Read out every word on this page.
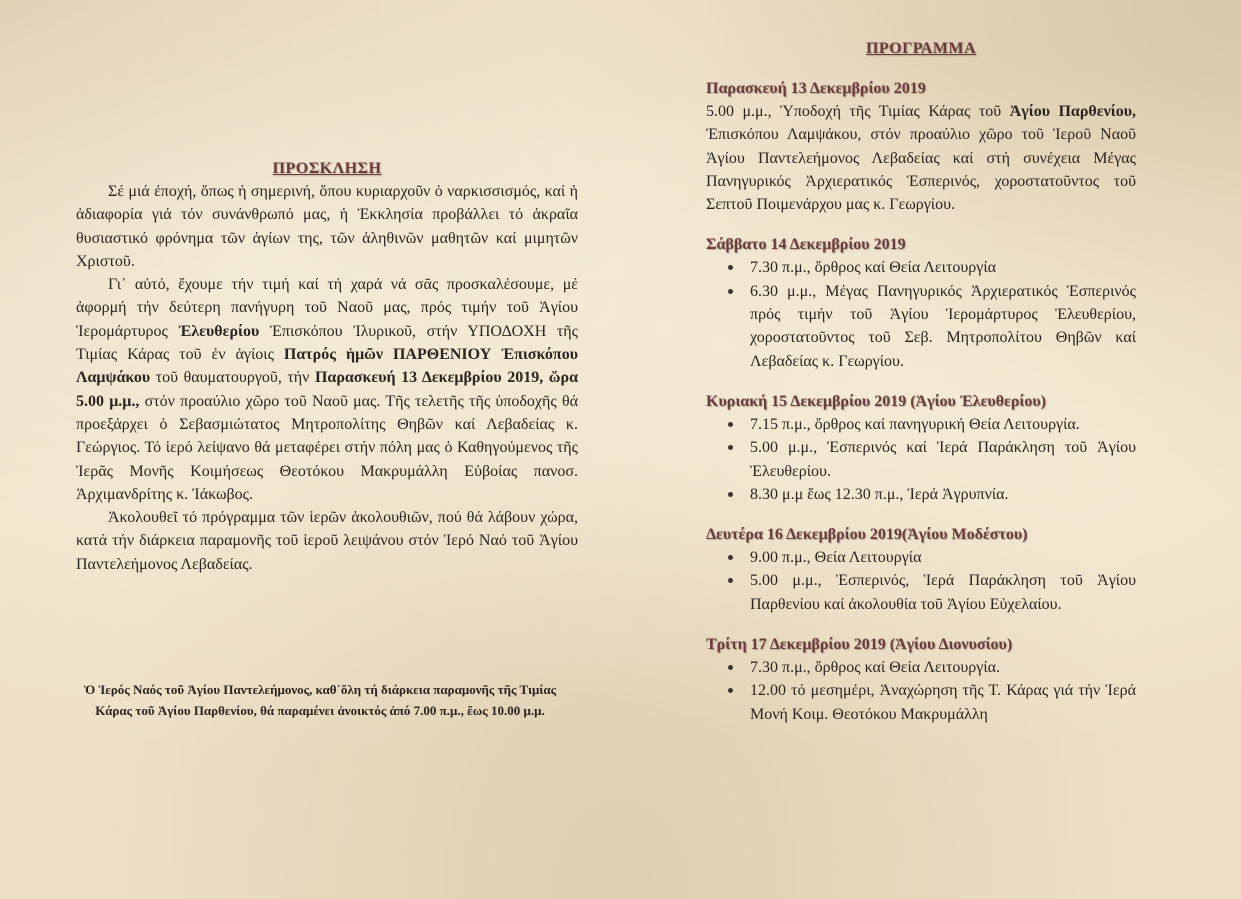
ΠΡΟΣΚΛΗΣΗ

Σέ μιά ἐποχή, ὅπως ἡ σημερινή, ὅπου κυριαρχοῦν ὁ ναρκισσισμός, καί ἡ ἀδιαφορία γιά τόν συνάνθρωπό μας, ἡ Ἐκκλησία προβάλλει τό ἀκραῖα θυσιαστικό φρόνημα τῶν ἁγίων της, τῶν ἀληθινῶν μαθητῶν καί μιμητῶν Χριστοῦ.

Γι᾽ αὐτό, ἔχουμε τήν τιμή καί τή χαρά νά σᾶς προσκαλέσουμε, μέ ἀφορμή τήν δεύτερη πανήγυρη τοῦ Ναοῦ μας, πρός τιμήν τοῦ Ἁγίου Ἱερομάρτυρος Ἐλευθερίου Ἐπισκόπου Ἰλυρικοῦ, στήν ΥΠΟΔΟΧΗ τῆς Τιμίας Κάρας τοῦ ἐν ἁγίοις Πατρός ἡμῶν ΠΑΡΘΕΝΙΟΥ Ἐπισκόπου Λαμψάκου τοῦ θαυματουργοῦ, τήν Παρασκευή 13 Δεκεμβρίου 2019, ὥρα 5.00 μ.μ., στόν προαύλιο χῶρο τοῦ Ναοῦ μας. Τῆς τελετῆς τῆς ὑποδοχῆς θά προεξάρχει ὁ Σεβασμιώτατος Μητροπολίτης Θηβῶν καί Λεβαδείας κ. Γεώργιος. Τό ἱερό λείψανο θά μεταφέρει στήν πόλη μας ὁ Καθηγούμενος τῆς Ἱερᾶς Μονῆς Κοιμήσεως Θεοτόκου Μακρυμάλλη Εὐβοίας πανοσ. Ἀρχιμανδρίτης κ. Ἰάκωβος.

Ἀκολουθεῖ τό πρόγραμμα τῶν ἱερῶν ἀκολουθιῶν, πού θά λάβουν χώρα, κατά τήν διάρκεια παραμονῆς τοῦ ἱεροῦ λειψάνου στόν Ἱερό Ναό τοῦ Ἁγίου Παντελεήμονος Λεβαδείας.

Ὁ Ἱερός Ναός τοῦ Ἁγίου Παντελεήμονος, καθ᾽ὅλη τή διάρκεια παραμονῆς τῆς Τιμίας Κάρας τοῦ Ἁγίου Παρθενίου, θά παραμένει ἀνοικτός ἀπό 7.00 π.μ., ἕως 10.00 μ.μ.
ΠΡΟΓΡΑΜΜΑ
Παρασκευή 13 Δεκεμβρίου 2019

5.00 μ.μ., Ὑποδοχή τῆς Τιμίας Κάρας τοῦ Ἁγίου Παρθενίου, Ἐπισκόπου Λαμψάκου, στόν προαύλιο χῶρο τοῦ Ἱεροῦ Ναοῦ Ἁγίου Παντελεήμονος Λεβαδείας καί στή συνέχεια Μέγας Πανηγυρικός Ἀρχιερατικός Ἑσπερινός, χοροστατοῦντος τοῦ Σεπτοῦ Ποιμενάρχου μας κ. Γεωργίου.

Σάββατο 14 Δεκεμβρίου 2019
7.30 π.μ., ὄρθρος καί Θεία Λειτουργία
6.30 μ.μ., Μέγας Πανηγυρικός Ἀρχιερατικός Ἑσπερινός πρός τιμήν τοῦ Ἁγίου Ἱερομάρτυρος Ἐλευθερίου, χοροστατοῦντος τοῦ Σεβ. Μητροπολίτου Θηβῶν καί Λεβαδείας κ. Γεωργίου.
Κυριακή 15 Δεκεμβρίου 2019 (Ἁγίου Ἐλευθερίου)
7.15 π.μ., ὄρθρος καί πανηγυρική Θεία Λειτουργία.
5.00 μ.μ., Ἑσπερινός καί Ἱερά Παράκληση τοῦ Ἁγίου Ἐλευθερίου.
8.30 μ.μ ἕως 12.30 π.μ., Ἱερά Ἀγρυπνία.
Δευτέρα 16 Δεκεμβρίου 2019(Ἁγίου Μοδέστου)
9.00 π.μ., Θεία Λειτουργία
5.00 μ.μ., Ἑσπερινός, Ἱερά Παράκληση τοῦ Ἁγίου Παρθενίου καί ἀκολουθία τοῦ Ἁγίου Εὐχελαίου.
Τρίτη 17 Δεκεμβρίου 2019 (Ἁγίου Διονυσίου)
7.30 π.μ., ὄρθρος καί Θεία Λειτουργία.
12.00 τό μεσημέρι, Ἀναχώρηση τῆς Τ. Κάρας γιά τήν Ἱερά Μονή Κοιμ. Θεοτόκου Μακρυμάλλη
